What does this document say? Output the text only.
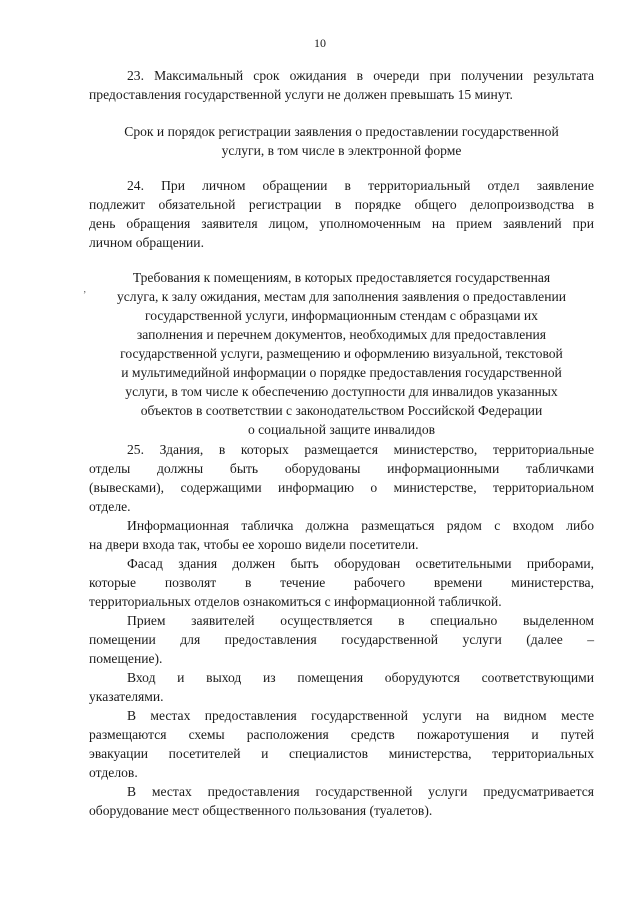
10
ʼ
23. Максимальный срок ожидания в очереди при получении результата
предоставления государственной услуги не должен превышать 15 минут.
Срок и порядок регистрации заявления о предоставлении государственной
услуги, в том числе в электронной форме
24. При личном обращении в территориальный отдел заявление
подлежит обязательной регистрации в порядке общего делопроизводства в
день обращения заявителя лицом, уполномоченным на прием заявлений при
личном обращении.
Требования к помещениям, в которых предоставляется государственная
услуга, к залу ожидания, местам для заполнения заявления о предоставлении
государственной услуги, информационным стендам с образцами их
заполнения и перечнем документов, необходимых для предоставления
государственной услуги, размещению и оформлению визуальной, текстовой
и мультимедийной информации о порядке предоставления государственной
услуги, в том числе к обеспечению доступности для инвалидов указанных
объектов в соответствии с законодательством Российской Федерации
о социальной защите инвалидов
25. Здания, в которых размещается министерство, территориальные
отделы должны быть оборудованы информационными табличками
(вывесками), содержащими информацию о министерстве, территориальном
отделе.
Информационная табличка должна размещаться рядом с входом либо
на двери входа так, чтобы ее хорошо видели посетители.
Фасад здания должен быть оборудован осветительными приборами,
которые позволят в течение рабочего времени министерства,
территориальных отделов ознакомиться с информационной табличкой.
Прием заявителей осуществляется в специально выделенном
помещении для предоставления государственной услуги (далее –
помещение).
Вход и выход из помещения оборудуются соответствующими
указателями.
В местах предоставления государственной услуги на видном месте
размещаются схемы расположения средств пожаротушения и путей
эвакуации посетителей и специалистов министерства, территориальных
отделов.
В местах предоставления государственной услуги предусматривается
оборудование мест общественного пользования (туалетов).
